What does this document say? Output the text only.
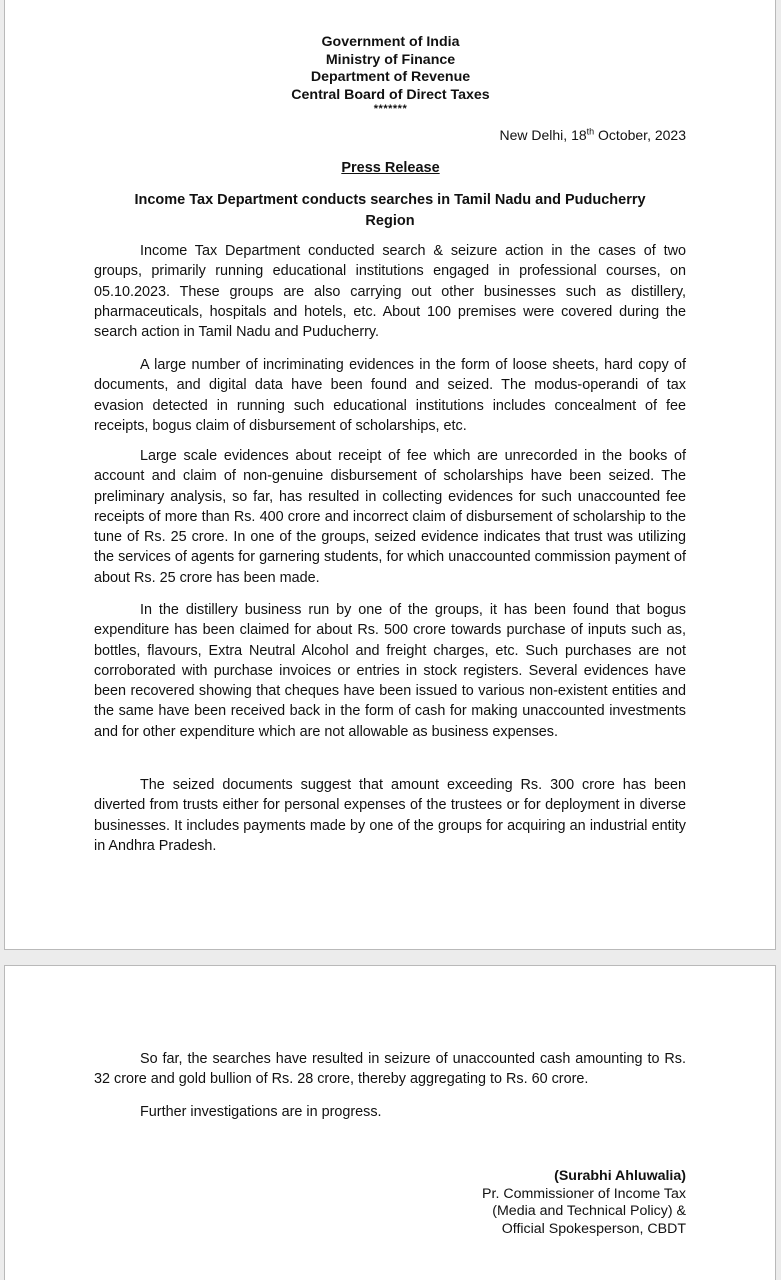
Government of India
Ministry of Finance
Department of Revenue
Central Board of Direct Taxes
*******
New Delhi, 18th October, 2023
Press Release
Income Tax Department conducts searches in Tamil Nadu and Puducherry Region

Income Tax Department conducted search & seizure action in the cases of two groups, primarily running educational institutions engaged in professional courses, on 05.10.2023. These groups are also carrying out other businesses such as distillery, pharmaceuticals, hospitals and hotels, etc. About 100 premises were covered during the search action in Tamil Nadu and Puducherry.

A large number of incriminating evidences in the form of loose sheets, hard copy of documents, and digital data have been found and seized. The modus-operandi of tax evasion detected in running such educational institutions includes concealment of fee receipts, bogus claim of disbursement of scholarships, etc.

Large scale evidences about receipt of fee which are unrecorded in the books of account and claim of non-genuine disbursement of scholarships have been seized. The preliminary analysis, so far, has resulted in collecting evidences for such unaccounted fee receipts of more than Rs. 400 crore and incorrect claim of disbursement of scholarship to the tune of Rs. 25 crore. In one of the groups, seized evidence indicates that trust was utilizing the services of agents for garnering students, for which unaccounted commission payment of about Rs. 25 crore has been made.

In the distillery business run by one of the groups, it has been found that bogus expenditure has been claimed for about Rs. 500 crore towards purchase of inputs such as, bottles, flavours, Extra Neutral Alcohol and freight charges, etc. Such purchases are not corroborated with purchase invoices or entries in stock registers. Several evidences have been recovered showing that cheques have been issued to various non-existent entities and the same have been received back in the form of cash for making unaccounted investments and for other expenditure which are not allowable as business expenses.

The seized documents suggest that amount exceeding Rs. 300 crore has been diverted from trusts either for personal expenses of the trustees or for deployment in diverse businesses. It includes payments made by one of the groups for acquiring an industrial entity in Andhra Pradesh.

So far, the searches have resulted in seizure of unaccounted cash amounting to Rs. 32 crore and gold bullion of Rs. 28 crore, thereby aggregating to Rs. 60 crore.

Further investigations are in progress.

(Surabhi Ahluwalia)
Pr. Commissioner of Income Tax
(Media and Technical Policy) &
Official Spokesperson, CBDT
